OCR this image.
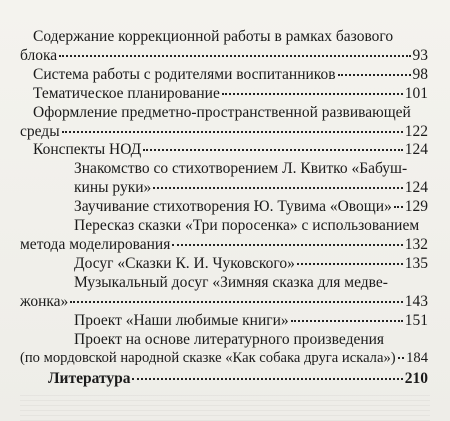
Содержание коррекционной работы в рамках базового
блока	93
Система работы с родителями воспитанников	98
Тематическое планирование	101
Оформление предметно-пространственной развивающей
среды	122
Конспекты НОД	124
Знакомство со стихотворением Л. Квитко «Бабуш-
кины руки»	124
Заучивание стихотворения Ю. Тувима «Овощи» 129
Пересказ сказки «Три поросенка» с использованием
метода моделирования	132
Досуг «Сказки К. И. Чуковского»	135
Музыкальный досуг «Зимняя сказка для медве-
жонка»	143
Проект «Наши любимые книги»	151
Проект на основе литературного произведения
(по мордовской народной сказке «Как собака друга искала») 184
Литература	210
